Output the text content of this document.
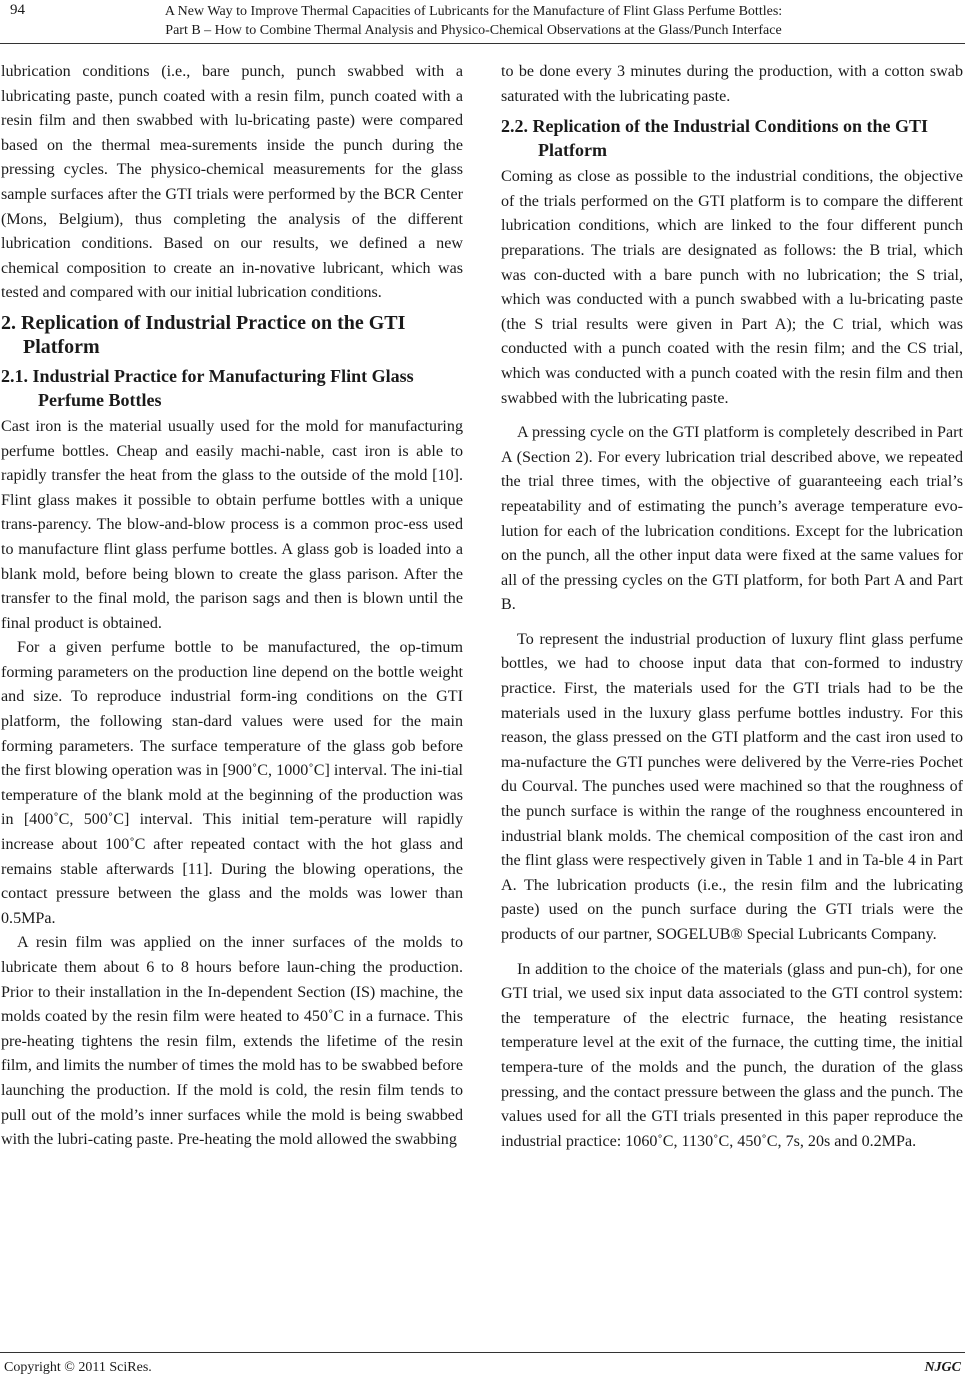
94	A New Way to Improve Thermal Capacities of Lubricants for the Manufacture of Flint Glass Perfume Bottles:
Part B – How to Combine Thermal Analysis and Physico-Chemical Observations at the Glass/Punch Interface

lubrication conditions (i.e., bare punch, punch swabbed with a lubricating paste, punch coated with a resin film, punch coated with a resin film and then swabbed with lu-bricating paste) were compared based on the thermal mea-surements inside the punch during the pressing cycles. The physico-chemical measurements for the glass sample surfaces after the GTI trials were performed by the BCR Center (Mons, Belgium), thus completing the analysis of the different lubrication conditions. Based on our results, we defined a new chemical composition to create an in-novative lubricant, which was tested and compared with our initial lubrication conditions.

2. Replication of Industrial Practice on the GTI Platform
2.1. Industrial Practice for Manufacturing Flint Glass Perfume Bottles

Cast iron is the material usually used for the mold for manufacturing perfume bottles. Cheap and easily machi-nable, cast iron is able to rapidly transfer the heat from the glass to the outside of the mold [10]. Flint glass makes it possible to obtain perfume bottles with a unique trans-parency. The blow-and-blow process is a common proc-ess used to manufacture flint glass perfume bottles. A glass gob is loaded into a blank mold, before being blown to create the glass parison. After the transfer to the final mold, the parison sags and then is blown until the final product is obtained.

For a given perfume bottle to be manufactured, the op-timum forming parameters on the production line depend on the bottle weight and size. To reproduce industrial form-ing conditions on the GTI platform, the following stan-dard values were used for the main forming parameters. The surface temperature of the glass gob before the first blowing operation was in [900˚C, 1000˚C] interval. The ini-tial temperature of the blank mold at the beginning of the production was in [400˚C, 500˚C] interval. This initial tem-perature will rapidly increase about 100˚C after repeated contact with the hot glass and remains stable afterwards [11]. During the blowing operations, the contact pressure between the glass and the molds was lower than 0.5MPa.

A resin film was applied on the inner surfaces of the molds to lubricate them about 6 to 8 hours before laun-ching the production. Prior to their installation in the In-dependent Section (IS) machine, the molds coated by the resin film were heated to 450˚C in a furnace. This pre-heating tightens the resin film, extends the lifetime of the resin film, and limits the number of times the mold has to be swabbed before launching the production. If the mold is cold, the resin film tends to pull out of the mold’s inner surfaces while the mold is being swabbed with the lubri-cating paste. Pre-heating the mold allowed the swabbing

to be done every 3 minutes during the production, with a cotton swab saturated with the lubricating paste.

2.2. Replication of the Industrial Conditions on the GTI Platform

Coming as close as possible to the industrial conditions, the objective of the trials performed on the GTI platform is to compare the different lubrication conditions, which are linked to the four different punch preparations. The trials are designated as follows: the B trial, which was con-ducted with a bare punch with no lubrication; the S trial, which was conducted with a punch swabbed with a lu-bricating paste (the S trial results were given in Part A); the C trial, which was conducted with a punch coated with the resin film; and the CS trial, which was conducted with a punch coated with the resin film and then swabbed with the lubricating paste.

A pressing cycle on the GTI platform is completely described in Part A (Section 2). For every lubrication trial described above, we repeated the trial three times, with the objective of guaranteeing each trial’s repeatability and of estimating the punch’s average temperature evo-lution for each of the lubrication conditions. Except for the lubrication on the punch, all the other input data were fixed at the same values for all of the pressing cycles on the GTI platform, for both Part A and Part B.

To represent the industrial production of luxury flint glass perfume bottles, we had to choose input data that con-formed to industry practice. First, the materials used for the GTI trials had to be the materials used in the luxury glass perfume bottles industry. For this reason, the glass pressed on the GTI platform and the cast iron used to ma-nufacture the GTI punches were delivered by the Verre-ries Pochet du Courval. The punches used were machined so that the roughness of the punch surface is within the range of the roughness encountered in industrial blank molds. The chemical composition of the cast iron and the flint glass were respectively given in Table 1 and in Ta-ble 4 in Part A. The lubrication products (i.e., the resin film and the lubricating paste) used on the punch surface during the GTI trials were the products of our partner, SOGELUB® Special Lubricants Company.

In addition to the choice of the materials (glass and pun-ch), for one GTI trial, we used six input data associated to the GTI control system: the temperature of the electric furnace, the heating resistance temperature level at the exit of the furnace, the cutting time, the initial tempera-ture of the molds and the punch, the duration of the glass pressing, and the contact pressure between the glass and the punch. The values used for all the GTI trials presented in this paper reproduce the industrial practice: 1060˚C, 1130˚C, 450˚C, 7s, 20s and 0.2MPa.

Copyright © 2011 SciRes.	NJGC
